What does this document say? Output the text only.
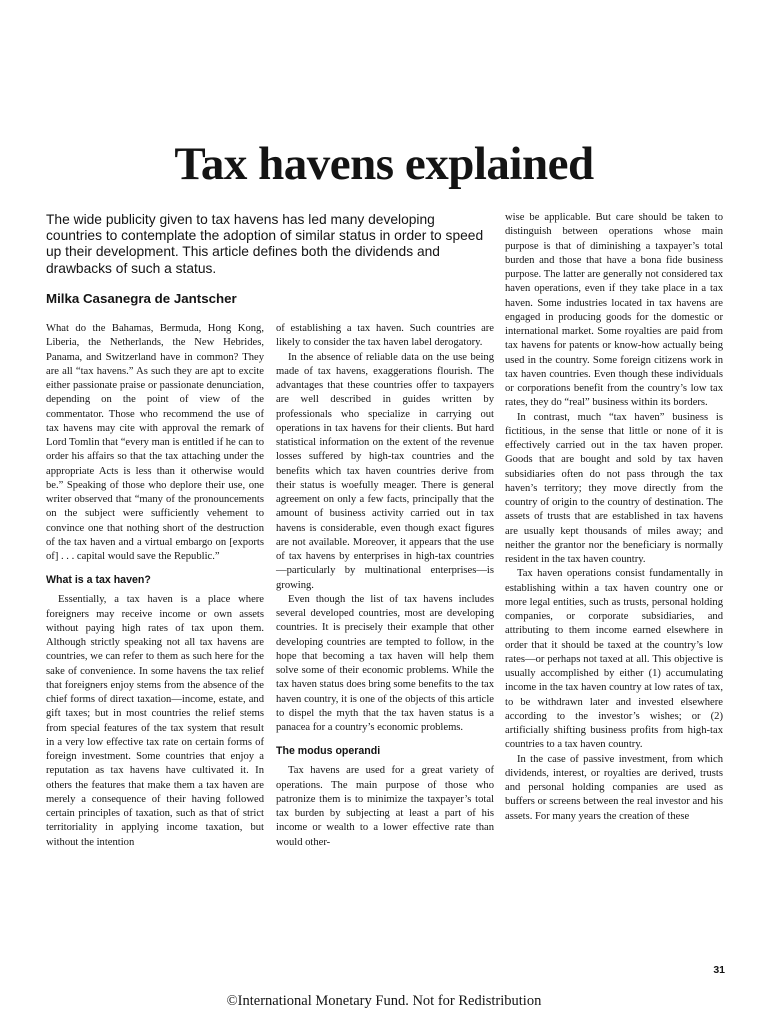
Tax havens explained

The wide publicity given to tax havens has led many developing countries to contemplate the adoption of similar status in order to speed up their development. This article defines both the dividends and drawbacks of such a status.

Milka Casanegra de Jantscher

What do the Bahamas, Bermuda, Hong Kong, Liberia, the Netherlands, the New Hebrides, Panama, and Switzerland have in common? They are all “tax havens.” As such they are apt to excite either passionate praise or passionate denunciation, depending on the point of view of the commentator. Those who recommend the use of tax havens may cite with approval the remark of Lord Tomlin that “every man is entitled if he can to order his affairs so that the tax attaching under the appropriate Acts is less than it otherwise would be.” Speaking of those who deplore their use, one writer observed that “many of the pronouncements on the subject were sufficiently vehement to convince one that nothing short of the destruction of the tax haven and a virtual embargo on [exports of] . . . capital would save the Republic.”

What is a tax haven?

Essentially, a tax haven is a place where foreigners may receive income or own assets without paying high rates of tax upon them. Although strictly speaking not all tax havens are countries, we can refer to them as such here for the sake of convenience. In some havens the tax relief that foreigners enjoy stems from the absence of the chief forms of direct taxation—income, estate, and gift taxes; but in most countries the relief stems from special features of the tax system that result in a very low effective tax rate on certain forms of foreign investment. Some countries that enjoy a reputation as tax havens have cultivated it. In others the features that make them a tax haven are merely a consequence of their having followed certain principles of taxation, such as that of strict territoriality in applying income taxation, but without the intention

of establishing a tax haven. Such countries are likely to consider the tax haven label derogatory.

In the absence of reliable data on the use being made of tax havens, exaggerations flourish. The advantages that these countries offer to taxpayers are well described in guides written by professionals who specialize in carrying out operations in tax havens for their clients. But hard statistical information on the extent of the revenue losses suffered by high-tax countries and the benefits which tax haven countries derive from their status is woefully meager. There is general agreement on only a few facts, principally that the amount of business activity carried out in tax havens is considerable, even though exact figures are not available. Moreover, it appears that the use of tax havens by enterprises in high-tax countries—particularly by multinational enterprises—is growing.

Even though the list of tax havens includes several developed countries, most are developing countries. It is precisely their example that other developing countries are tempted to follow, in the hope that becoming a tax haven will help them solve some of their economic problems. While the tax haven status does bring some benefits to the tax haven country, it is one of the objects of this article to dispel the myth that the tax haven status is a panacea for a country’s economic problems.

The modus operandi

Tax havens are used for a great variety of operations. The main purpose of those who patronize them is to minimize the taxpayer’s total tax burden by subjecting at least a part of his income or wealth to a lower effective rate than would other-

wise be applicable. But care should be taken to distinguish between operations whose main purpose is that of diminishing a taxpayer’s total burden and those that have a bona fide business purpose. The latter are generally not considered tax haven operations, even if they take place in a tax haven. Some industries located in tax havens are engaged in producing goods for the domestic or international market. Some royalties are paid from tax havens for patents or know-how actually being used in the country. Some foreign citizens work in tax haven countries. Even though these individuals or corporations benefit from the country’s low tax rates, they do “real” business within its borders.

In contrast, much “tax haven” business is fictitious, in the sense that little or none of it is effectively carried out in the tax haven proper. Goods that are bought and sold by tax haven subsidiaries often do not pass through the tax haven’s territory; they move directly from the country of origin to the country of destination. The assets of trusts that are established in tax havens are usually kept thousands of miles away; and neither the grantor nor the beneficiary is normally resident in the tax haven country.

Tax haven operations consist fundamentally in establishing within a tax haven country one or more legal entities, such as trusts, personal holding companies, or corporate subsidiaries, and attributing to them income earned elsewhere in order that it should be taxed at the country’s low rates—or perhaps not taxed at all. This objective is usually accomplished by either (1) accumulating income in the tax haven country at low rates of tax, to be withdrawn later and invested elsewhere according to the investor’s wishes; or (2) artificially shifting business profits from high-tax countries to a tax haven country.

In the case of passive investment, from which dividends, interest, or royalties are derived, trusts and personal holding companies are used as buffers or screens between the real investor and his assets. For many years the creation of these

31
©International Monetary Fund. Not for Redistribution
